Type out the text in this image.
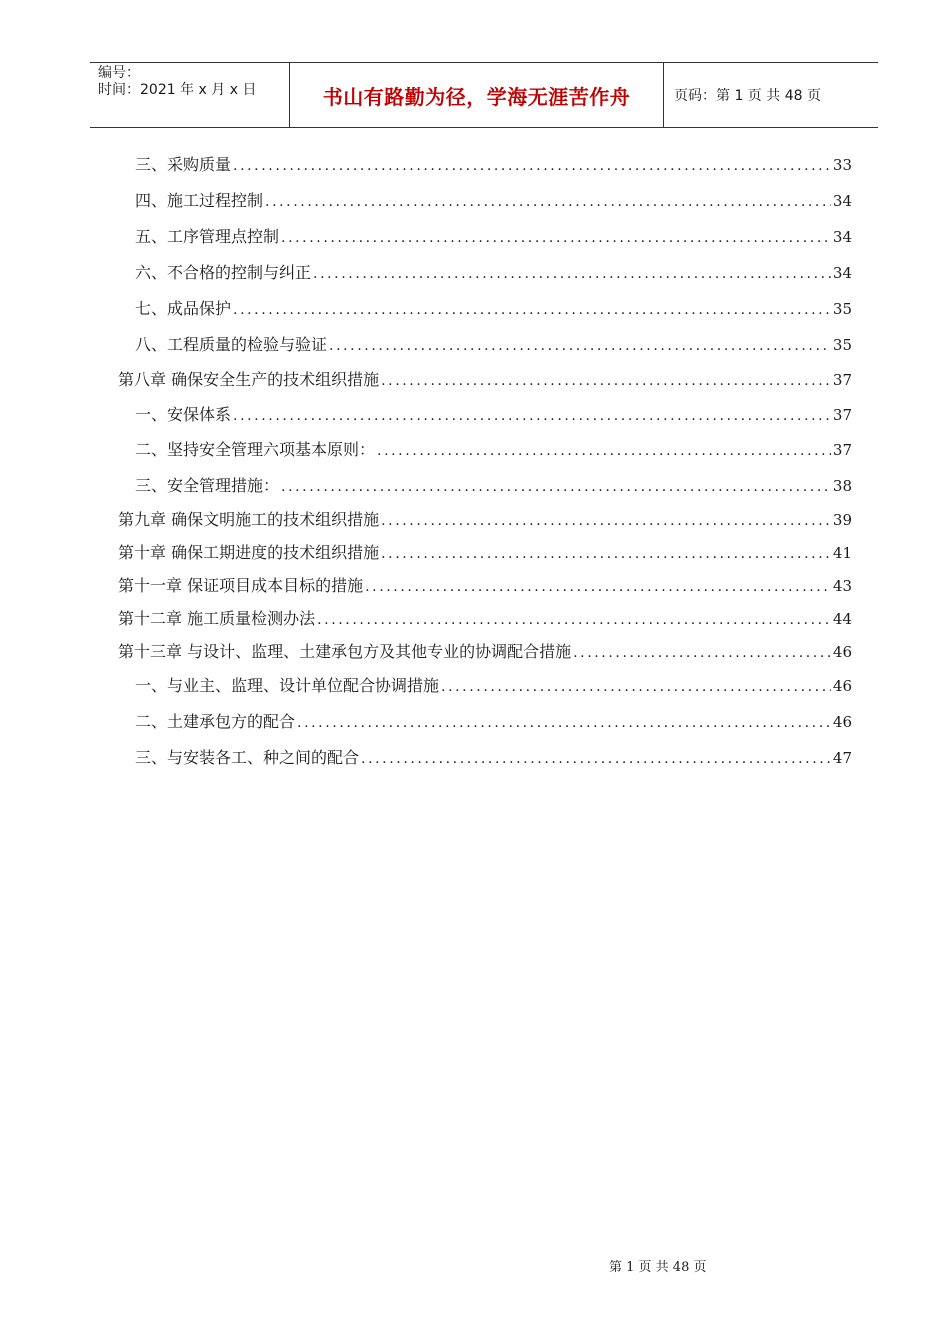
编号：
时间：2021 年 x 月 x 日	书山有路勤为径，学海无涯苦作舟	页码：第 1 页 共 48 页
三、采购质量 .....	33
四、施工过程控制 .....	34
五、工序管理点控制 .....	34
六、不合格的控制与纠正 .....	34
七、成品保护 .....	35
八、工程质量的检验与验证 .....	35
第八章 确保安全生产的技术组织措施 .....	37
一、安保体系 .....	37
二、坚持安全管理六项基本原则： .....	37
三、安全管理措施： .....	38
第九章 确保文明施工的技术组织措施 .....	39
第十章 确保工期进度的技术组织措施 .....	41
第十一章 保证项目成本目标的措施 .....	43
第十二章 施工质量检测办法 .....	44
第十三章 与设计、监理、土建承包方及其他专业的协调配合措施 .....	46
一、与业主、监理、设计单位配合协调措施 .....	46
二、土建承包方的配合 .....	46
三、与安装各工、种之间的配合 .....	47
第 1 页 共 48 页
